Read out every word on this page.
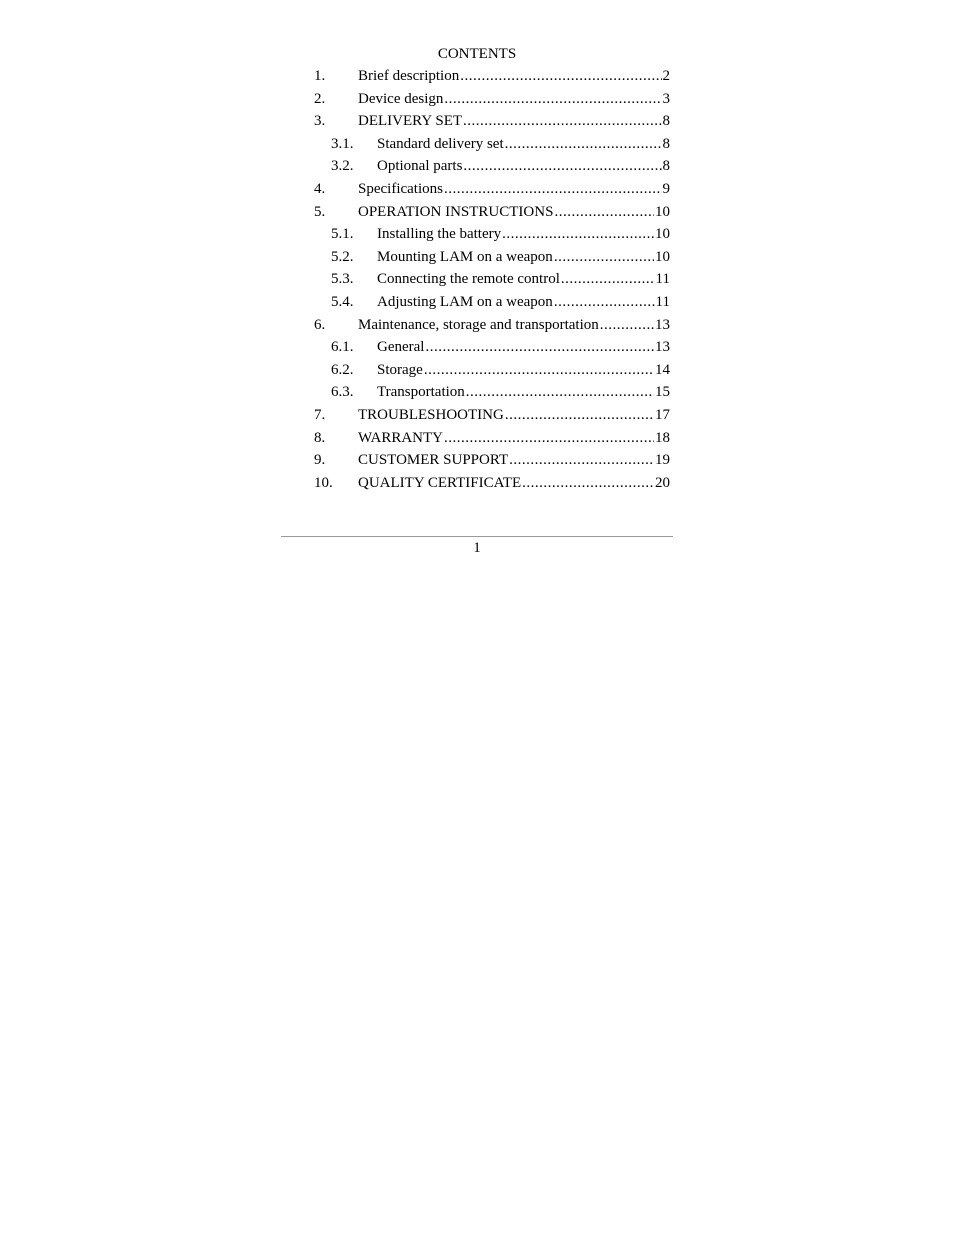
CONTENTS
1. Brief description .....	2
2. Device design .....	3
3. DELIVERY SET .....	8
3.1. Standard delivery set .....	8
3.2. Optional parts .....	8
4. Specifications .....	9
5. OPERATION INSTRUCTIONS .....	10
5.1. Installing the battery .....	10
5.2. Mounting LAM on a weapon .....	10
5.3. Connecting the remote control .....	11
5.4. Adjusting LAM on a weapon .....	11
6. Maintenance, storage and transportation .....	13
6.1. General .....	13
6.2. Storage .....	14
6.3. Transportation .....	15
7. TROUBLESHOOTING .....	17
8. WARRANTY .....	18
9. CUSTOMER SUPPORT .....	19
10. QUALITY CERTIFICATE .....	20
1
